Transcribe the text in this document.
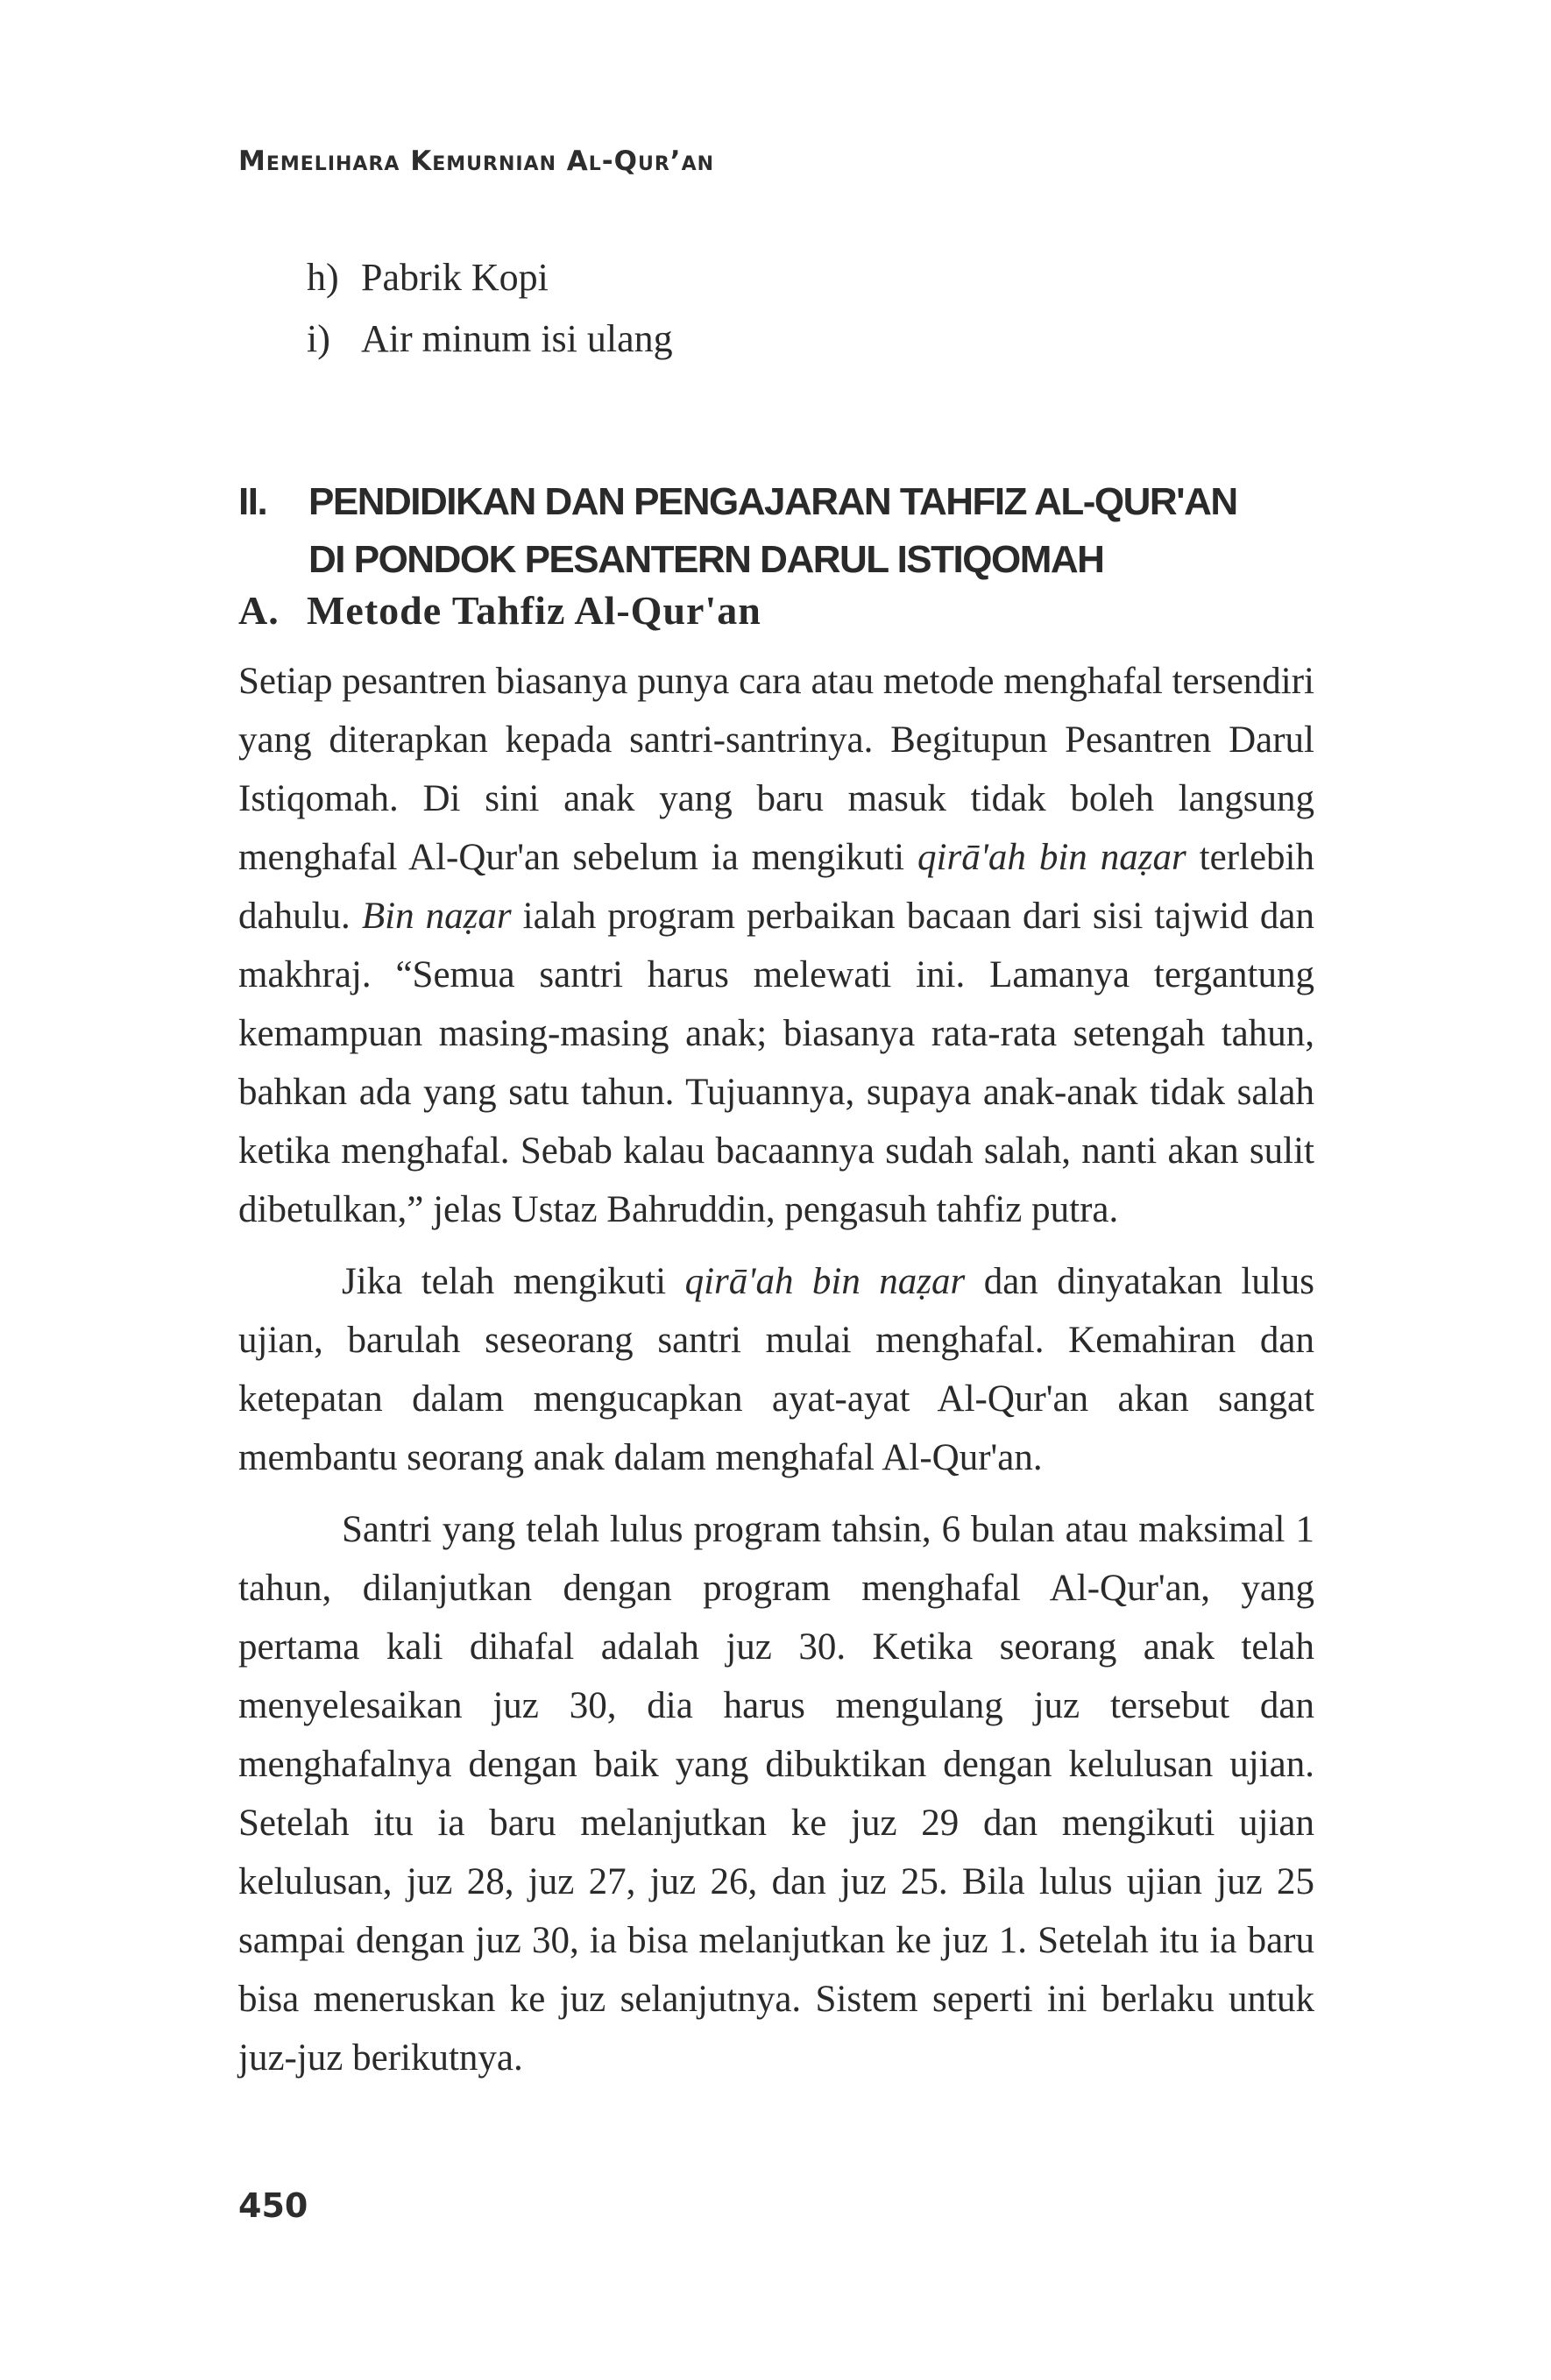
Memelihara Kemurnian Al-Qur’an
h) Pabrik Kopi
i) Air minum isi ulang
II.	PENDIDIKAN DAN PENGAJARAN TAHFIZ AL-QUR'AN
DI PONDOK PESANTERN DARUL ISTIQOMAH
A. Metode Tahfiz Al-Qur'an

Setiap pesantren biasanya punya cara atau metode menghafal tersendiri yang diterapkan kepada santri-santrinya. Begitupun Pesantren Darul Istiqomah. Di sini anak yang baru masuk tidak boleh langsung menghafal Al-Qur'an sebelum ia mengikuti qirā'ah bin naẓar terlebih dahulu. Bin naẓar ialah program perbaikan bacaan dari sisi tajwid dan makhraj. “Semua santri harus melewati ini. Lamanya tergantung kemampuan masing-masing anak; biasanya rata-rata setengah tahun, bahkan ada yang satu tahun. Tujuannya, supaya anak-anak tidak salah ketika menghafal. Sebab kalau bacaannya sudah salah, nanti akan sulit dibetulkan,” jelas Ustaz Bahruddin, pengasuh tahfiz putra.

Jika telah mengikuti qirā'ah bin naẓar dan dinyatakan lulus ujian, barulah seseorang santri mulai menghafal. Kemahiran dan ketepatan dalam mengucapkan ayat-ayat Al-Qur'an akan sangat membantu seorang anak dalam menghafal Al-Qur'an.

Santri yang telah lulus program tahsin, 6 bulan atau maksimal 1 tahun, dilanjutkan dengan program menghafal Al-Qur'an, yang pertama kali dihafal adalah juz 30. Ketika seorang anak telah menyelesaikan juz 30, dia harus mengulang juz tersebut dan menghafalnya dengan baik yang dibuktikan dengan kelulusan ujian. Setelah itu ia baru melanjutkan ke juz 29 dan mengikuti ujian kelulusan, juz 28, juz 27, juz 26, dan juz 25. Bila lulus ujian juz 25 sampai dengan juz 30, ia bisa melanjutkan ke juz 1. Setelah itu ia baru bisa meneruskan ke juz selanjutnya. Sistem seperti ini berlaku untuk juz-juz berikutnya.

450
